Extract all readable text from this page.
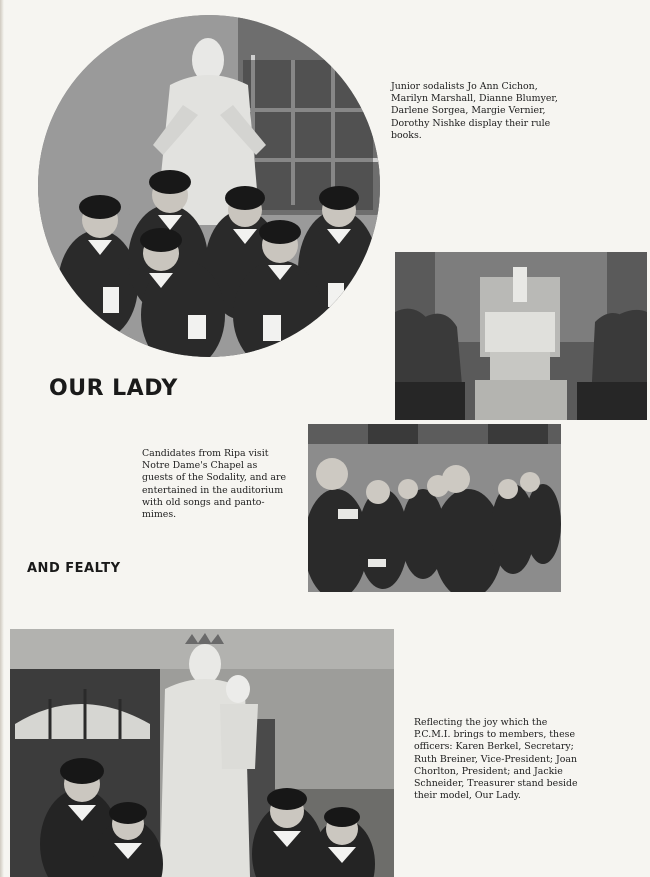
Junior sodalists Jo Ann Cichon,
Marilyn Marshall, Dianne Blumyer,
Darlene Sorgea, Margie Vernier,
Dorothy Nishke display their rule
books.

OUR LADY

Candidates from Ripa visit
Notre Dame's Chapel as
guests of the Sodality, and are
entertained in the auditorium
with old songs and panto-
mimes.

AND FEALTY

Reflecting the joy which the
P.C.M.I. brings to members, these
officers: Karen Berkel, Secretary;
Ruth Breiner, Vice-President; Joan
Chorlton, President; and Jackie
Schneider, Treasurer stand beside
their model, Our Lady.
